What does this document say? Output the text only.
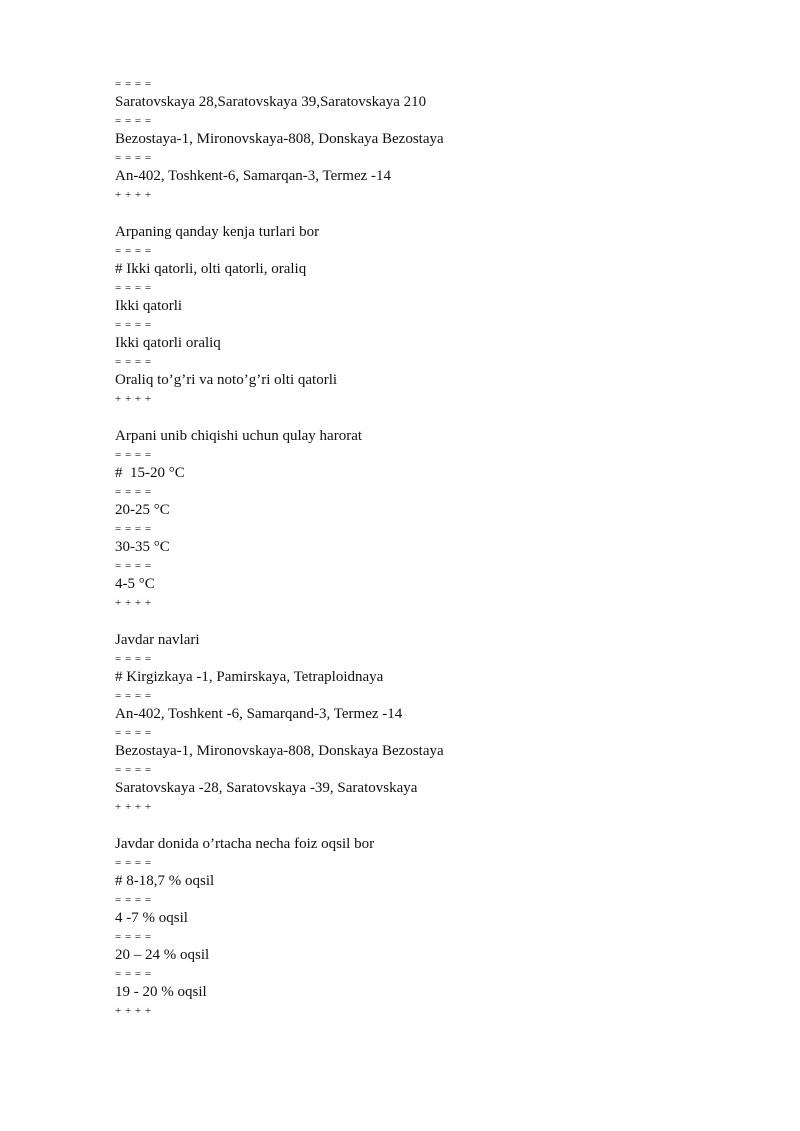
= = = =
Saratovskaya 28,Saratovskaya 39,Saratovskaya 210
= = = =
Bezostaya-1, Mironovskaya-808, Donskaya Bezostaya
= = = =
An-402, Toshkent-6, Samarqan-3, Termez -14
+ + + +
Arpaning qanday kenja turlari bor
= = = =
# Ikki qatorli, olti qatorli, oraliq
= = = =
Ikki qatorli
= = = =
Ikki qatorli oraliq
= = = =
Oraliq to’g’ri va noto’g’ri olti qatorli
+ + + +
Arpani unib chiqishi uchun qulay harorat
= = = =
#  15-20 °C
= = = =
20-25 °C
= = = =
30-35 °C
= = = =
4-5 °C
+ + + +
Javdar navlari
= = = =
# Kirgizkaya -1, Pamirskaya, Tetraploidnaya
= = = =
An-402, Toshkent -6, Samarqand-3, Termez -14
= = = =
Bezostaya-1, Mironovskaya-808, Donskaya Bezostaya
= = = =
Saratovskaya -28, Saratovskaya -39, Saratovskaya
+ + + +
Javdar donida o’rtacha necha foiz oqsil bor
= = = =
# 8-18,7 % oqsil
= = = =
4 -7 % oqsil
= = = =
20 – 24 % oqsil
= = = =
19 - 20 % oqsil
+ + + +
